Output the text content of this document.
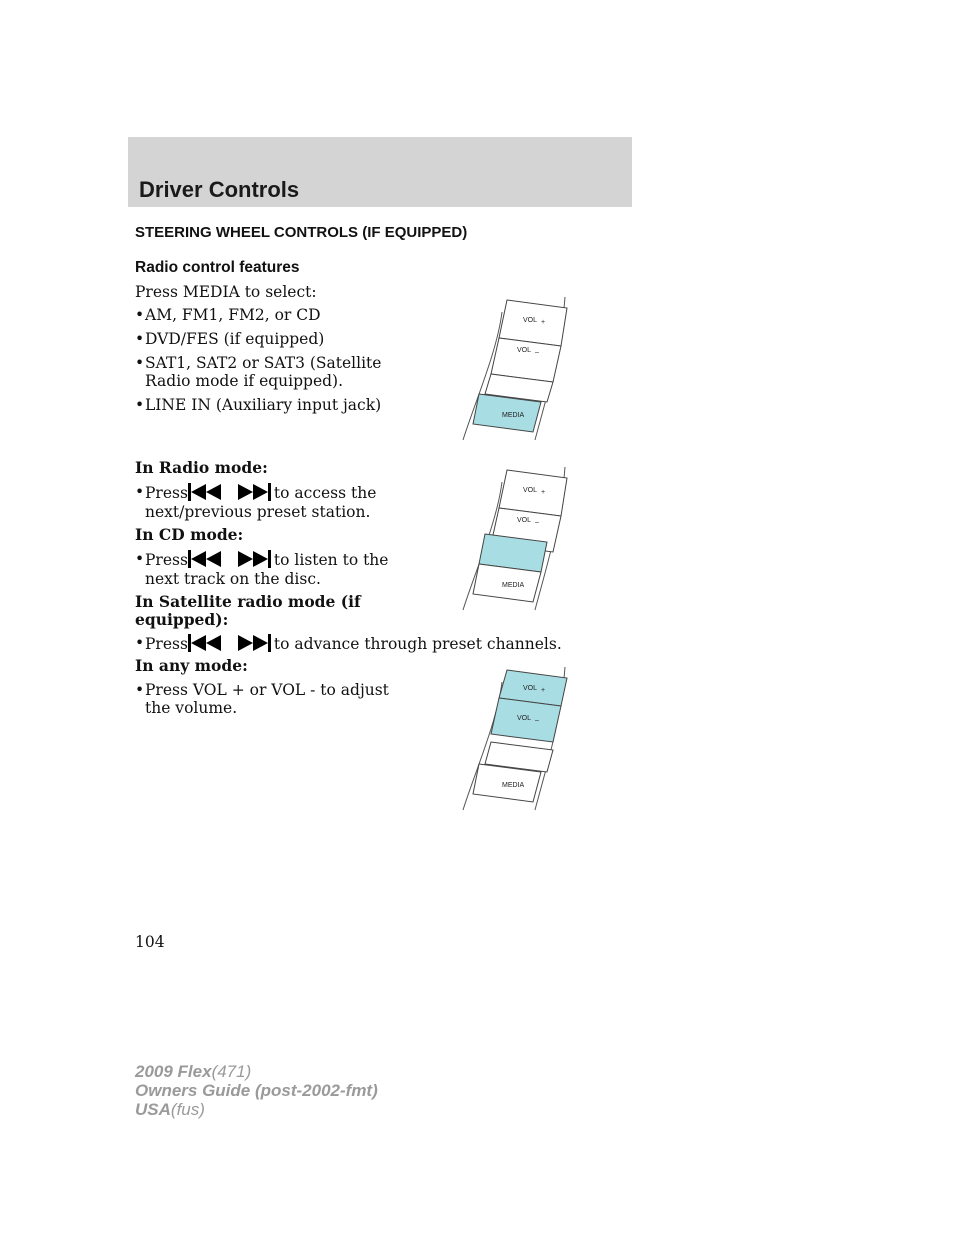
Driver Controls
STEERING WHEEL CONTROLS (IF EQUIPPED)
Radio control features
Press MEDIA to select:
• AM, FM1, FM2, or CD
• DVD/FES (if equipped)
• SAT1, SAT2 or SAT3 (Satellite
Radio mode if equipped).
• LINE IN (Auxiliary input jack)
In Radio mode:
• Press	to access the
next/previous preset station.
In CD mode:
• Press	to listen to the
next track on the disc.
In Satellite radio mode (if
equipped):
• Press	to advance through preset channels.
In any mode:
• Press VOL + or VOL - to adjust
the volume.
VOL +
VOL –
MEDIA
VOL +
VOL –
MEDIA
VOL +
VOL –
MEDIA
104
2009 Flex(471)
Owners Guide (post-2002-fmt)
USA(fus)
